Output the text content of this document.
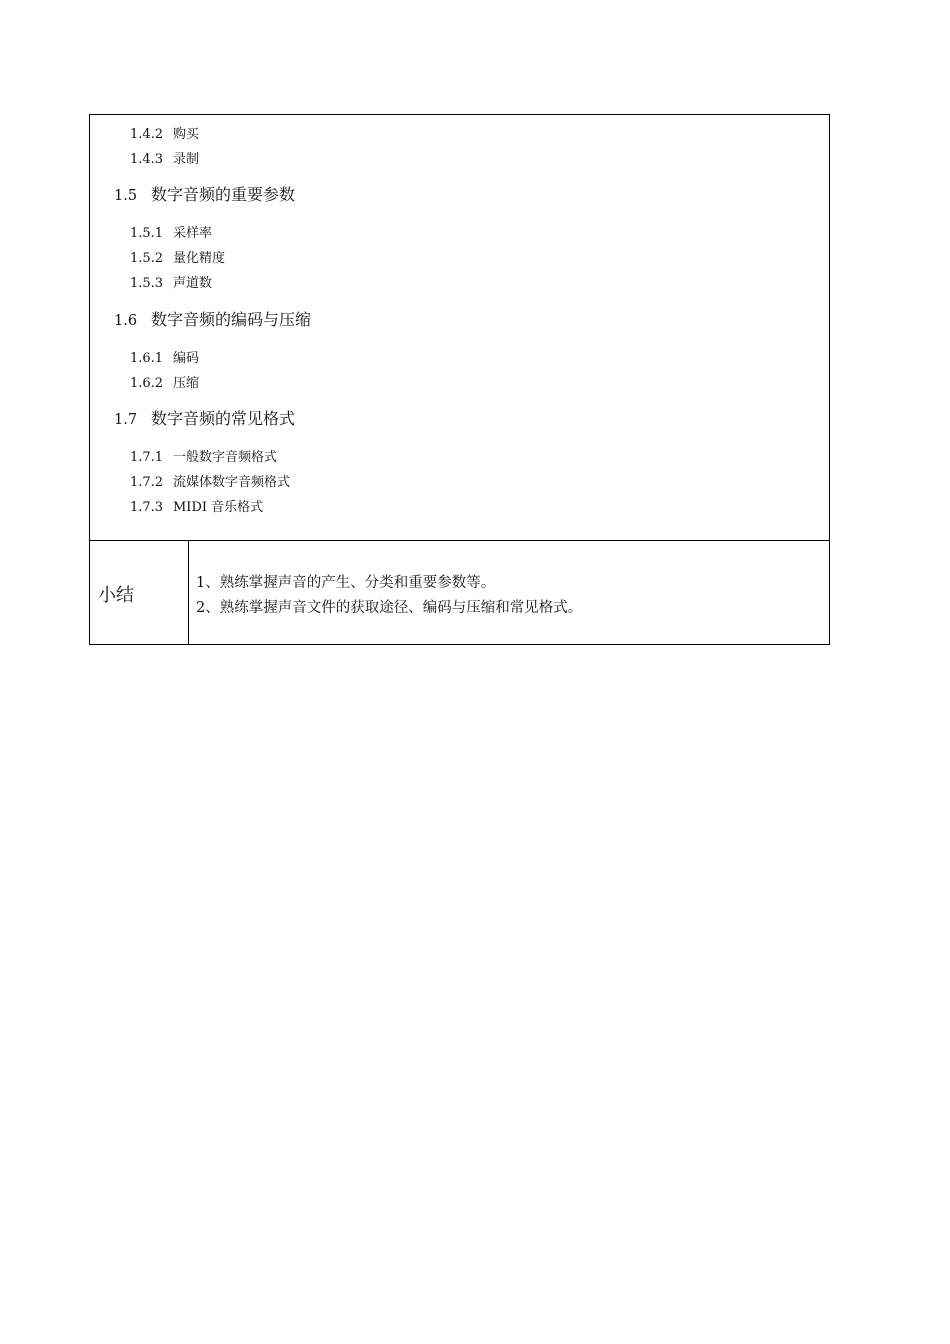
1.4.2 购买
1.4.3 录制
1.5 数字音频的重要参数
1.5.1 采样率
1.5.2 量化精度
1.5.3 声道数
1.6 数字音频的编码与压缩
1.6.1 编码
1.6.2 压缩
1.7 数字音频的常见格式
1.7.1 一般数字音频格式
1.7.2 流媒体数字音频格式
1.7.3 MIDI 音乐格式
小结
1、熟练掌握声音的产生、分类和重要参数等。
2、熟练掌握声音文件的获取途径、编码与压缩和常见格式。
